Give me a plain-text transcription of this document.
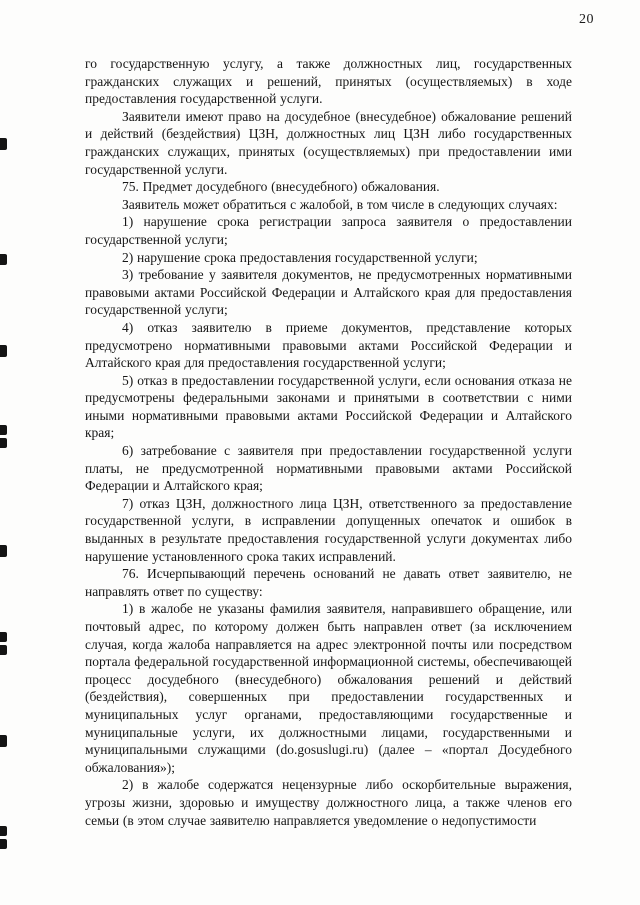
20

го государственную услугу, а также должностных лиц, государственных гражданских служащих и решений, принятых (осуществляемых) в ходе предоставления государственной услуги.

Заявители имеют право на досудебное (внесудебное) обжалование решений и действий (бездействия) ЦЗН, должностных лиц ЦЗН либо государственных гражданских служащих, принятых (осуществляемых) при предоставлении ими государственной услуги.

75. Предмет досудебного (внесудебного) обжалования.

Заявитель может обратиться с жалобой, в том числе в следующих случаях:

1) нарушение срока регистрации запроса заявителя о предоставлении государственной услуги;

2) нарушение срока предоставления государственной услуги;

3) требование у заявителя документов, не предусмотренных нормативными правовыми актами Российской Федерации и Алтайского края для предоставления государственной услуги;

4) отказ заявителю в приеме документов, представление которых предусмотрено нормативными правовыми актами Российской Федерации и Алтайского края для предоставления государственной услуги;

5) отказ в предоставлении государственной услуги, если основания отказа не предусмотрены федеральными законами и принятыми в соответствии с ними иными нормативными правовыми актами Российской Федерации и Алтайского края;

6) затребование с заявителя при предоставлении государственной услуги платы, не предусмотренной нормативными правовыми актами Российской Федерации и Алтайского края;

7) отказ ЦЗН, должностного лица ЦЗН, ответственного за предоставление государственной услуги, в исправлении допущенных опечаток и ошибок в выданных в результате предоставления государственной услуги документах либо нарушение установленного срока таких исправлений.

76. Исчерпывающий перечень оснований не давать ответ заявителю, не направлять ответ по существу:

1) в жалобе не указаны фамилия заявителя, направившего обращение, или почтовый адрес, по которому должен быть направлен ответ (за исключением случая, когда жалоба направляется на адрес электронной почты или посредством портала федеральной государственной информационной системы, обеспечивающей процесс досудебного (внесудебного) обжалования решений и действий (бездействия), совершенных при предоставлении государственных и муниципальных услуг органами, предоставляющими государственные и муниципальные услуги, их должностными лицами, государственными и муниципальными служащими (do.gosuslugi.ru) (далее – «портал Досудебного обжалования»);

2) в жалобе содержатся нецензурные либо оскорбительные выражения, угрозы жизни, здоровью и имуществу должностного лица, а также членов его семьи (в этом случае заявителю направляется уведомление о недопустимости
